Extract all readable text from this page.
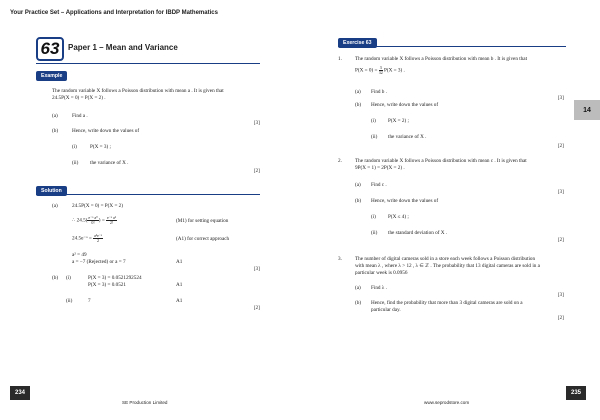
Your Practice Set – Applications and Interpretation for IBDP Mathematics
63	Paper 1 – Mean and Variance
Example
The random variable X follows a Poisson distribution with mean a . It is given that
24.5P(X = 0) = P(X = 2) .
(a)	Find a .
[3]
(b)	Hence, write down the values of
(i)	P(X = 3) ;
(ii) the variance of X .
[2]
Solution
(a)	24.5P(X = 0) = P(X = 2)
∴ $24.5( \frac{\text{e⁻ᵃ a⁰}}{0!}$ ) = $\frac{\text{e⁻ᵃ a²}}{2!}$	(M1) for setting equation
24.5e⁻ᵃ = $\frac{\text{a²e⁻ᵃ}}{2}$	(A1) for correct approach
a² = 49
a = −7 (Rejected) or a = 7	A1
[3]
(b) (i)	P(X = 3) = 0.0521292524
P(X = 3) = 0.0521	A1
(ii)	7	A1
[2]
Exercise 63
1.	The random variable X follows a Poisson distribution with mean b . It is given that
$P(X = 0) = \frac{3}{32} P(X = 3)$ .
(a) Find b .
[3]
(b) Hence, write down the values of
(i) P(X = 2) ;
(ii) the variance of X .
[2]
2.	The random variable X follows a Poisson distribution with mean c . It is given that
9P(X = 1) = 2P(X = 2) .
(a) Find c .
[3]
(b) Hence, write down the values of
(i) P(X ≤ 4) ;
(ii) the standard deviation of X .
[2]
3.	The number of digital cameras sold in a store each week follows a Poisson distribution
with mean λ , where λ > 12 , λ ∈ ℤ . The probability that 13 digital cameras are sold in a
particular week is 0.0956
(a) Find λ .
[3]
(b) Hence, find the probability that more than 3 digital cameras are sold on a
particular day.
[2]
14
234	235
SE Production Limited	www.seprodstore.com
